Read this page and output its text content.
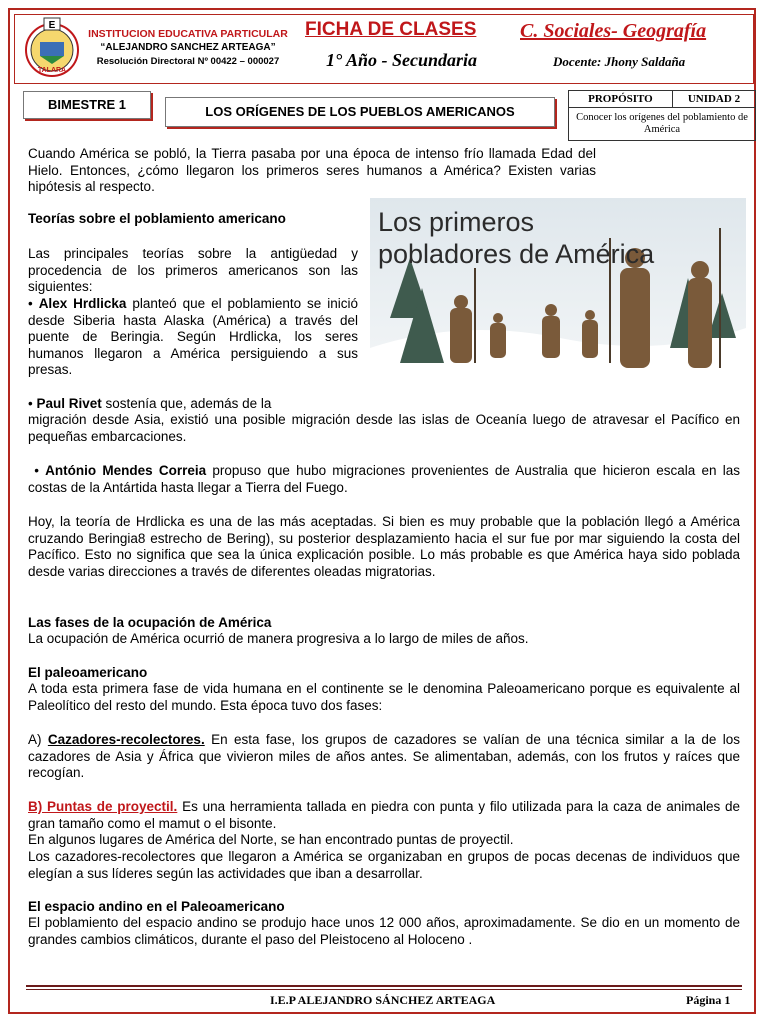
E
TALARA
INSTITUCION EDUCATIVA PARTICULAR
“ALEJANDRO SANCHEZ ARTEAGA”
Resolución Directoral Nº 00422 – 000027
FICHA DE CLASES C. Sociales- Geografía
1° Año - Secundaria	Docente: Jhony Saldaña
BIMESTRE 1	LOS ORÍGENES DE LOS PUEBLOS AMERICANOS
PROPÓSITO	UNIDAD 2
Conocer los orígenes del poblamiento de América
Cuando América se pobló, la Tierra pasaba por una época de intenso frío llamada Edad del Hielo. Entonces, ¿cómo llegaron los primeros seres humanos a América? Existen varias hipótesis al respecto.
Teorías sobre el poblamiento americano
Las principales teorías sobre la antigüedad y procedencia de los primeros americanos son las siguientes:
• Alex Hrdlicka planteó que el poblamiento se inició desde Siberia hasta Alaska (América) a través del puente de Beringia. Según Hrdlicka, los seres humanos llegaron a América persiguiendo a sus presas.
• Paul Rivet sostenía que, además de la
Los primeros
pobladores de América
migración desde Asia, existió una posible migración desde las islas de Oceanía luego de atravesar el Pacífico en pequeñas embarcaciones.
• António Mendes Correia propuso que hubo migraciones provenientes de Australia que hicieron escala en las costas de la Antártida hasta llegar a Tierra del Fuego.
Hoy, la teoría de Hrdlicka es una de las más aceptadas. Si bien es muy probable que la población llegó a América cruzando Beringia8 estrecho de Bering), su posterior desplazamiento hacia el sur fue por mar siguiendo la costa del Pacífico. Esto no significa que sea la única explicación posible. Lo más probable es que América haya sido poblada desde varias direcciones a través de diferentes oleadas migratorias.
Las fases de la ocupación de América
La ocupación de América ocurrió de manera progresiva a lo largo de miles de años.
El paleoamericano
A toda esta primera fase de vida humana en el continente se le denomina Paleoamericano porque es equivalente al Paleolítico del resto del mundo. Esta época tuvo dos fases:
A) Cazadores-recolectores. En esta fase, los grupos de cazadores se valían de una técnica similar a la de los cazadores de Asia y África que vivieron miles de años antes. Se alimentaban, además, con los frutos y raíces que recogían.
B) Puntas de proyectil. Es una herramienta tallada en piedra con punta y filo utilizada para la caza de animales de gran tamaño como el mamut o el bisonte.
En algunos lugares de América del Norte, se han encontrado puntas de proyectil.
Los cazadores-recolectores que llegaron a América se organizaban en grupos de pocas decenas de individuos que elegían a sus líderes según las actividades que iban a desarrollar.
El espacio andino en el Paleoamericano
El poblamiento del espacio andino se produjo hace unos 12 000 años, aproximadamente. Se dio en un momento de grandes cambios climáticos, durante el paso del Pleistoceno al Holoceno .
I.E.P ALEJANDRO SÁNCHEZ ARTEAGA	Página 1
